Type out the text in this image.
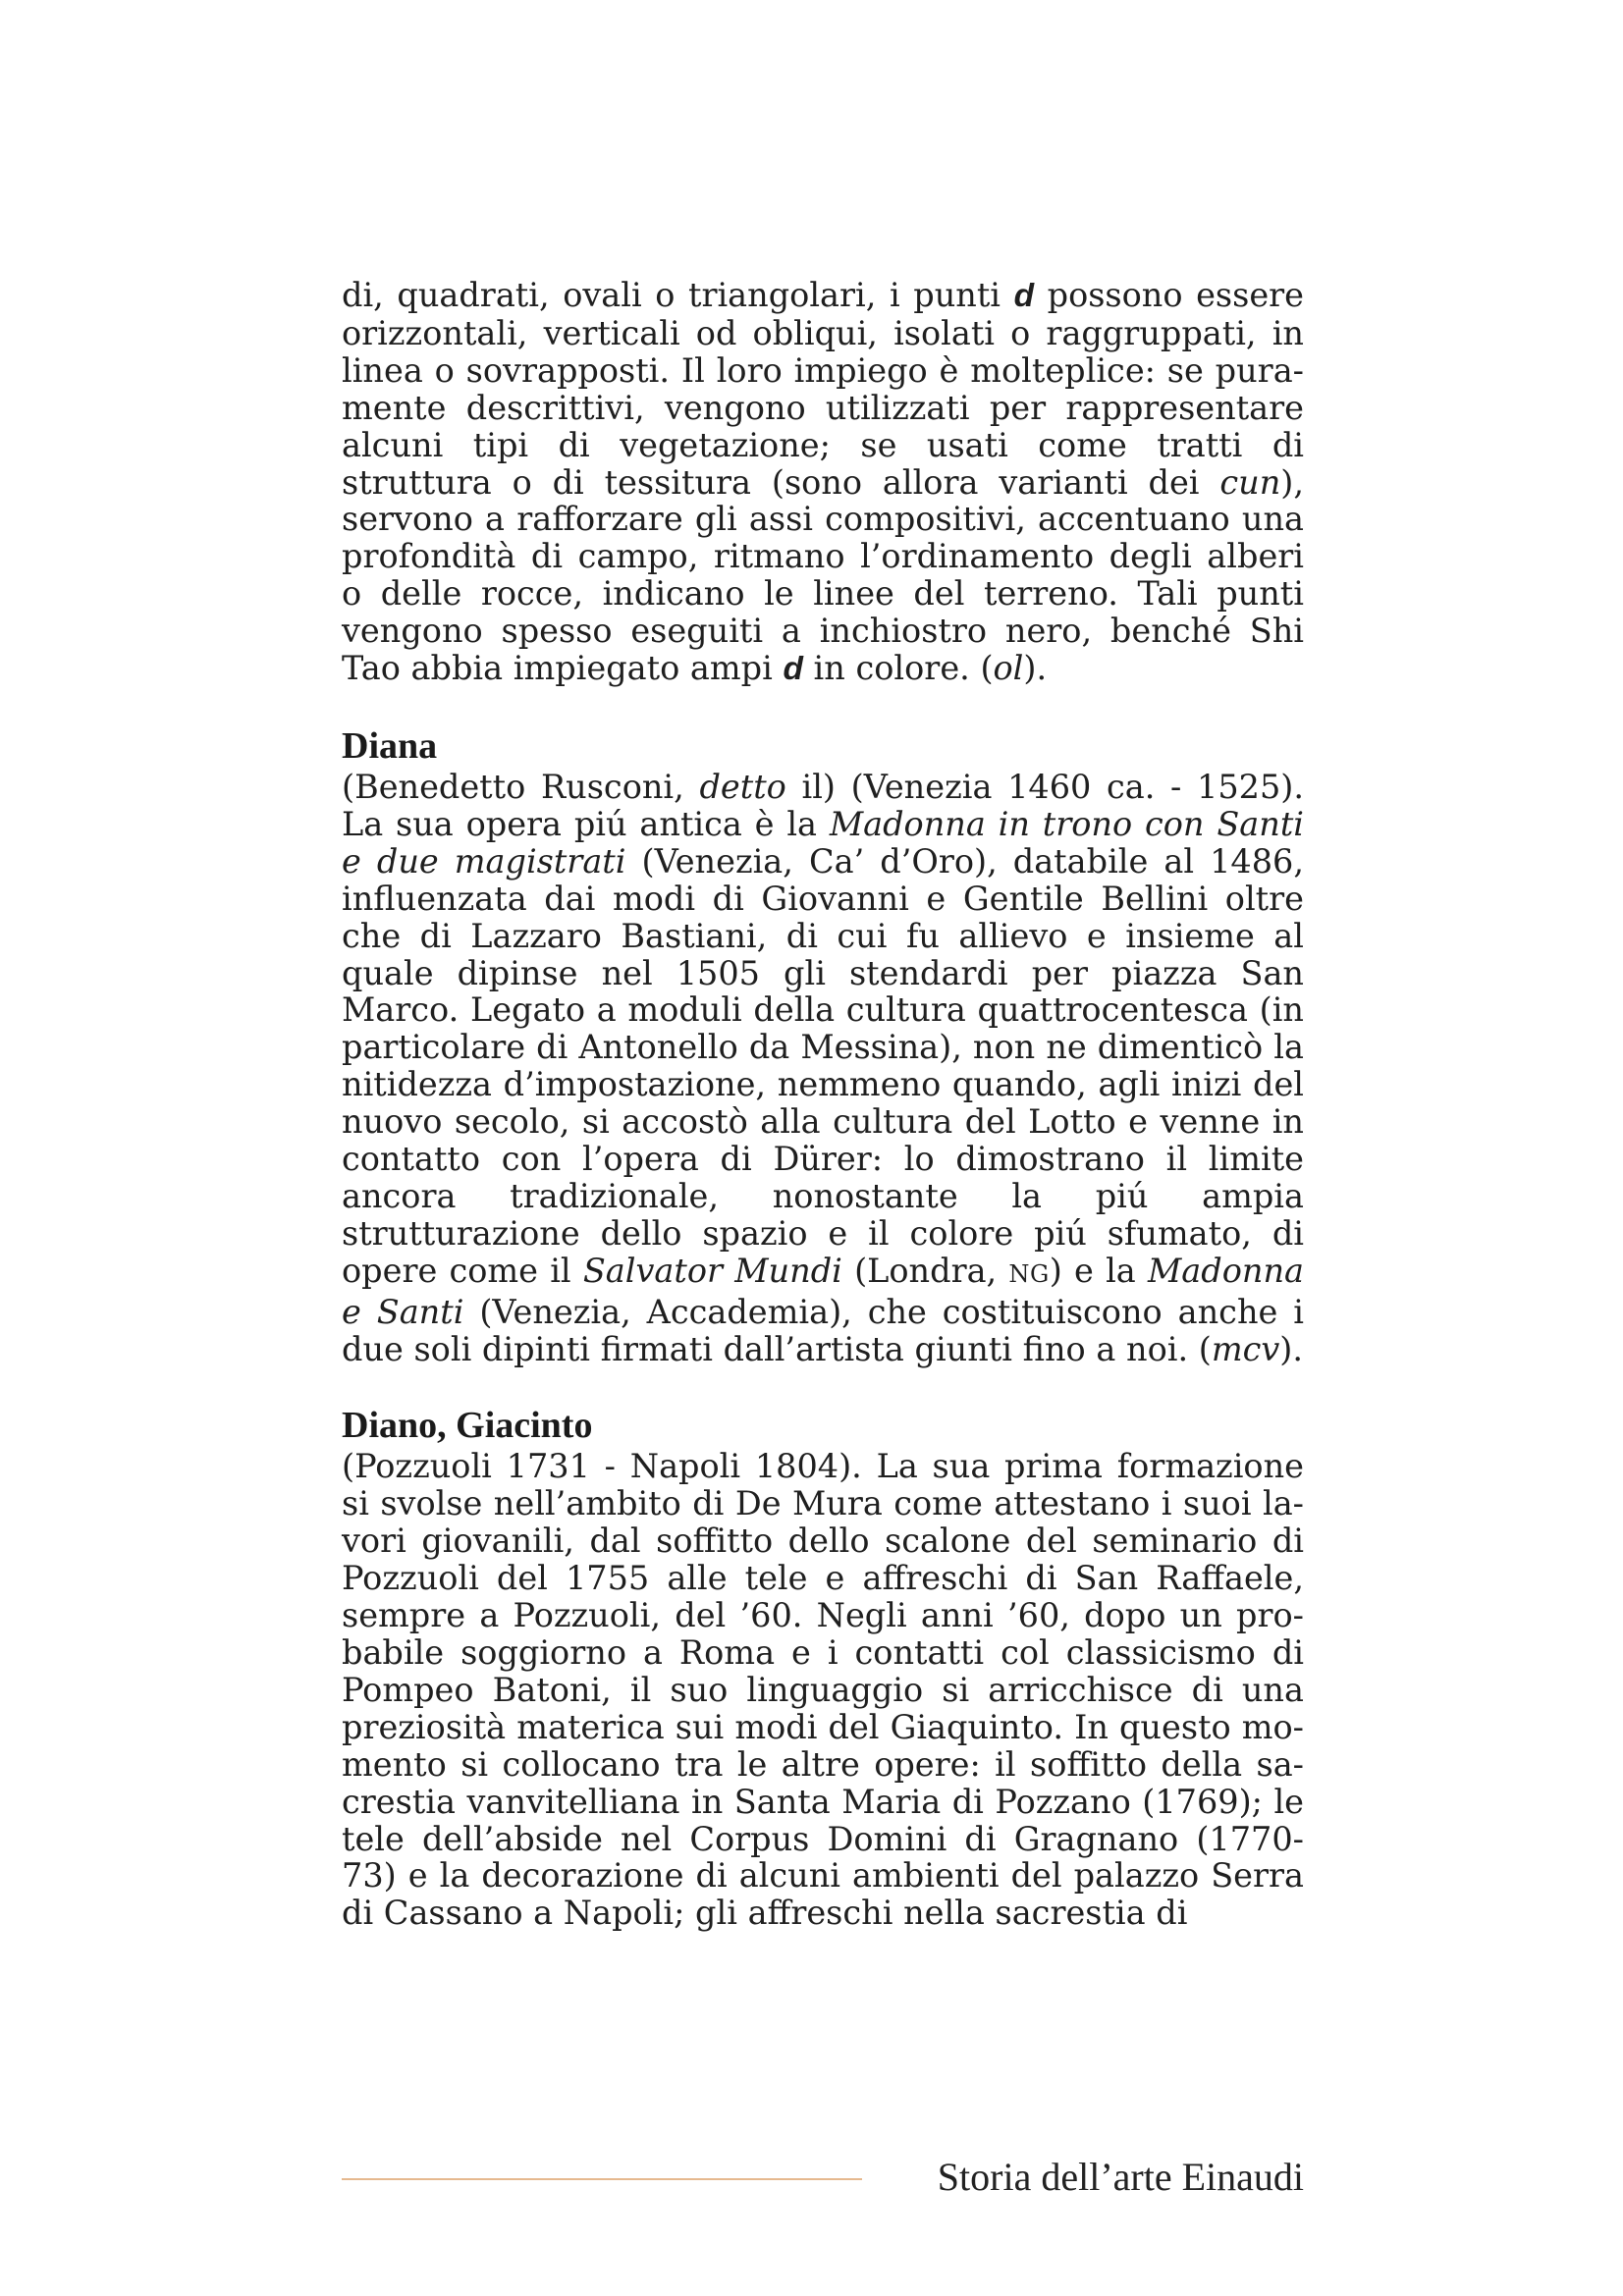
di, quadrati, ovali o triangolari, i punti d possono essere orizzontali, verticali od obliqui, isolati o raggruppati, in linea o sovrapposti. Il loro impiego è molteplice: se puramente descrittivi, vengono utilizzati per rappresentare alcuni tipi di vegetazione; se usati come tratti di struttura o di tessitura (sono allora varianti dei cun), servono a rafforzare gli assi compositivi, accentuano una profondità di campo, ritmano l’ordinamento degli alberi o delle rocce, indicano le linee del terreno. Tali punti vengono spesso eseguiti a inchiostro nero, benché Shi Tao abbia impiegato ampi d in colore. (ol).

Diana

(Benedetto Rusconi, detto il) (Venezia 1460 ca. - 1525). La sua opera piú antica è la Madonna in trono con Santi e due magistrati (Venezia, Ca’ d’Oro), databile al 1486, influenzata dai modi di Giovanni e Gentile Bellini oltre che di Lazzaro Bastiani, di cui fu allievo e insieme al quale dipinse nel 1505 gli stendardi per piazza San Marco. Legato a moduli della cultura quattrocentesca (in particolare di Antonello da Messina), non ne dimenticò la nitidezza d’impostazione, nemmeno quando, agli inizi del nuovo secolo, si accostò alla cultura del Lotto e venne in contatto con l’opera di Dürer: lo dimostrano il limite ancora tradizionale, nonostante la piú ampia strutturazione dello spazio e il colore piú sfumato, di opere come il Salvator Mundi (Londra, NG) e la Madonna e Santi (Venezia, Accademia), che costituiscono anche i due soli dipinti firmati dall’artista giunti fino a noi. (mcv).

Diano, Giacinto

(Pozzuoli 1731 - Napoli 1804). La sua prima formazione si svolse nell’ambito di De Mura come attestano i suoi lavori giovanili, dal soffitto dello scalone del seminario di Pozzuoli del 1755 alle tele e affreschi di San Raffaele, sempre a Pozzuoli, del ’60. Negli anni ’60, dopo un probabile soggiorno a Roma e i contatti col classicismo di Pompeo Batoni, il suo linguaggio si arricchisce di una preziosità materica sui modi del Giaquinto. In questo momento si collocano tra le altre opere: il soffitto della sacrestia vanvitelliana in Santa Maria di Pozzano (1769); le tele dell’abside nel Corpus Domini di Gragnano (1770-73) e la decorazione di alcuni ambienti del palazzo Serra di Cassano a Napoli; gli affreschi nella sacrestia di

Storia dell’arte Einaudi
